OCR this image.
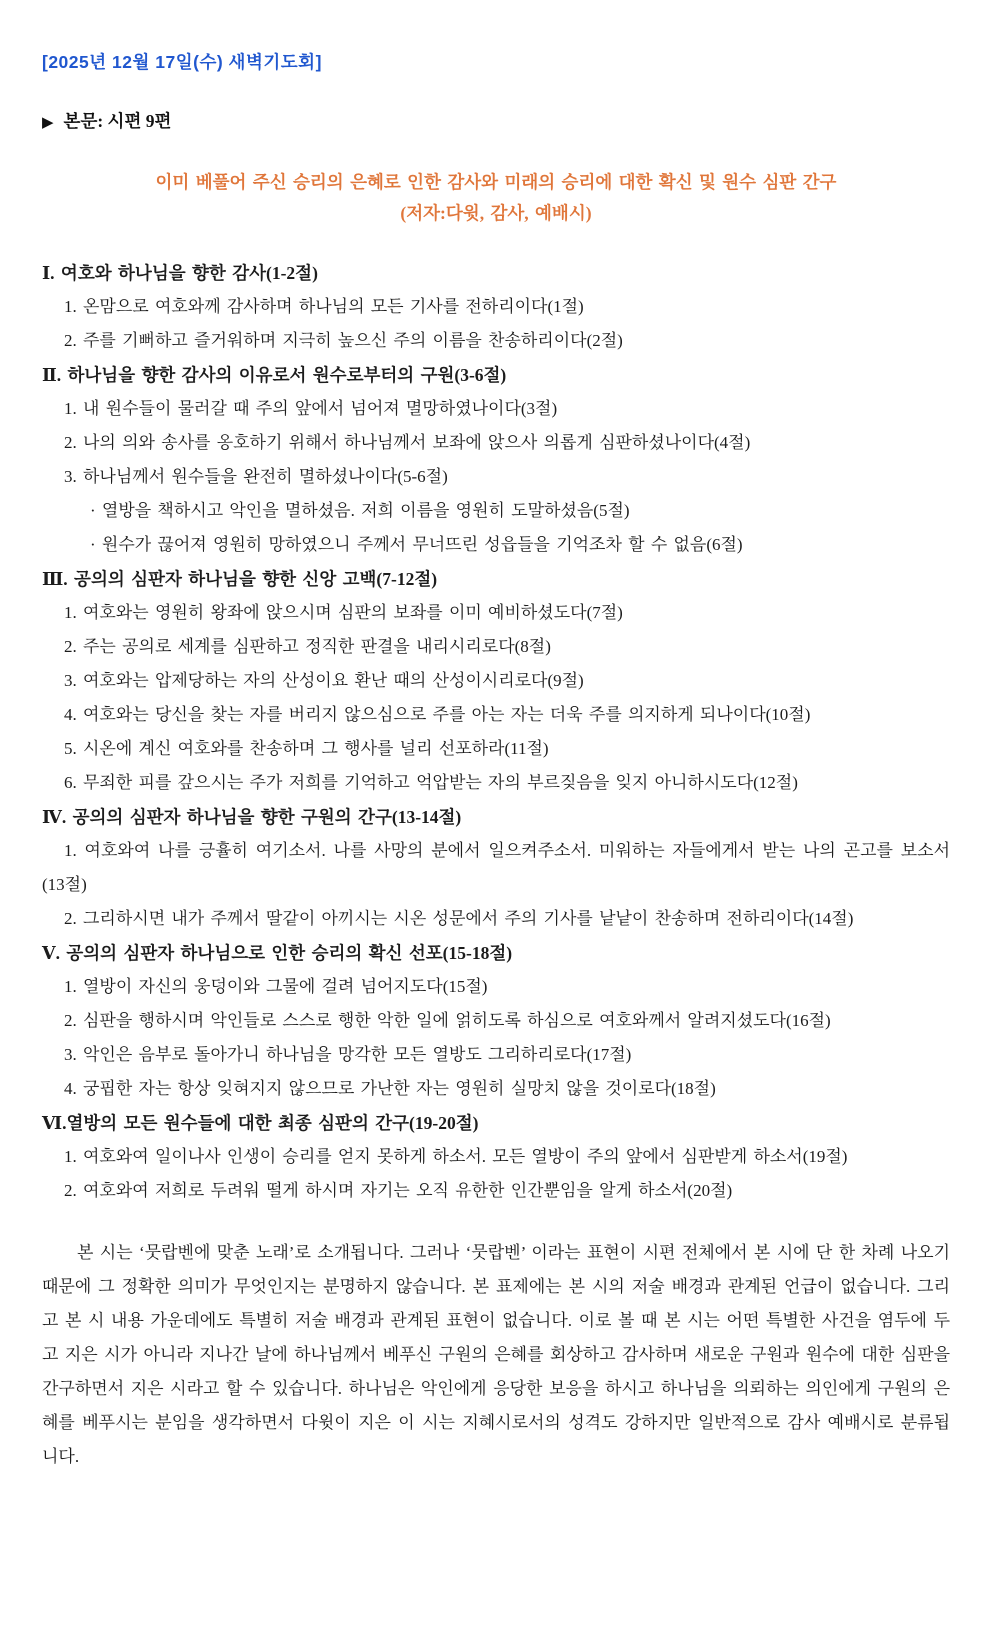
[2025년 12월 17일(수) 새벽기도회]
▶ 본문: 시편 9편
이미 베풀어 주신 승리의 은혜로 인한 감사와 미래의 승리에 대한 확신 및 원수 심판 간구
(저자:다윗, 감사, 예배시)
Ⅰ. 여호와 하나님을 향한 감사(1-2절)
1. 온맘으로 여호와께 감사하며 하나님의 모든 기사를 전하리이다(1절)
2. 주를 기뻐하고 즐거워하며 지극히 높으신 주의 이름을 찬송하리이다(2절)
Ⅱ. 하나님을 향한 감사의 이유로서 원수로부터의 구원(3-6절)
1. 내 원수들이 물러갈 때 주의 앞에서 넘어져 멸망하였나이다(3절)
2. 나의 의와 송사를 옹호하기 위해서 하나님께서 보좌에 앉으사 의롭게 심판하셨나이다(4절)
3. 하나님께서 원수들을 완전히 멸하셨나이다(5-6절)
· 열방을 책하시고 악인을 멸하셨음. 저희 이름을 영원히 도말하셨음(5절)
· 원수가 끊어져 영원히 망하였으니 주께서 무너뜨린 성읍들을 기억조차 할 수 없음(6절)
Ⅲ. 공의의 심판자 하나님을 향한 신앙 고백(7-12절)
1. 여호와는 영원히 왕좌에 앉으시며 심판의 보좌를 이미 예비하셨도다(7절)
2. 주는 공의로 세계를 심판하고 정직한 판결을 내리시리로다(8절)
3. 여호와는 압제당하는 자의 산성이요 환난 때의 산성이시리로다(9절)
4. 여호와는 당신을 찾는 자를 버리지 않으심으로 주를 아는 자는 더욱 주를 의지하게 되나이다(10절)
5. 시온에 계신 여호와를 찬송하며 그 행사를 널리 선포하라(11절)
6. 무죄한 피를 갚으시는 주가 저희를 기억하고 억압받는 자의 부르짖음을 잊지 아니하시도다(12절)
Ⅳ. 공의의 심판자 하나님을 향한 구원의 간구(13-14절)
1. 여호와여 나를 긍휼히 여기소서. 나를 사망의 분에서 일으켜주소서. 미워하는 자들에게서 받는 나의 곤고를 보소서(13절)
2. 그리하시면 내가 주께서 딸같이 아끼시는 시온 성문에서 주의 기사를 낱낱이 찬송하며 전하리이다(14절)
Ⅴ. 공의의 심판자 하나님으로 인한 승리의 확신 선포(15-18절)
1. 열방이 자신의 웅덩이와 그물에 걸려 넘어지도다(15절)
2. 심판을 행하시며 악인들로 스스로 행한 악한 일에 얽히도록 하심으로 여호와께서 알려지셨도다(16절)
3. 악인은 음부로 돌아가니 하나님을 망각한 모든 열방도 그리하리로다(17절)
4. 궁핍한 자는 항상 잊혀지지 않으므로 가난한 자는 영원히 실망치 않을 것이로다(18절)
Ⅵ.열방의 모든 원수들에 대한 최종 심판의 간구(19-20절)
1. 여호와여 일이나사 인생이 승리를 얻지 못하게 하소서. 모든 열방이 주의 앞에서 심판받게 하소서(19절)
2. 여호와여 저희로 두려워 떨게 하시며 자기는 오직 유한한 인간뿐임을 알게 하소서(20절)

본 시는 ‘뭇랍벤에 맞춘 노래’로 소개됩니다. 그러나 ‘뭇랍벤’ 이라는 표현이 시편 전체에서 본 시에 단 한 차례 나오기 때문에 그 정확한 의미가 무엇인지는 분명하지 않습니다. 본 표제에는 본 시의 저술 배경과 관계된 언급이 없습니다. 그리고 본 시 내용 가운데에도 특별히 저술 배경과 관계된 표현이 없습니다. 이로 볼 때 본 시는 어떤 특별한 사건을 염두에 두고 지은 시가 아니라 지나간 날에 하나님께서 베푸신 구원의 은혜를 회상하고 감사하며 새로운 구원과 원수에 대한 심판을 간구하면서 지은 시라고 할 수 있습니다. 하나님은 악인에게 응당한 보응을 하시고 하나님을 의뢰하는 의인에게 구원의 은혜를 베푸시는 분임을 생각하면서 다윗이 지은 이 시는 지혜시로서의 성격도 강하지만 일반적으로 감사 예배시로 분류됩니다.
